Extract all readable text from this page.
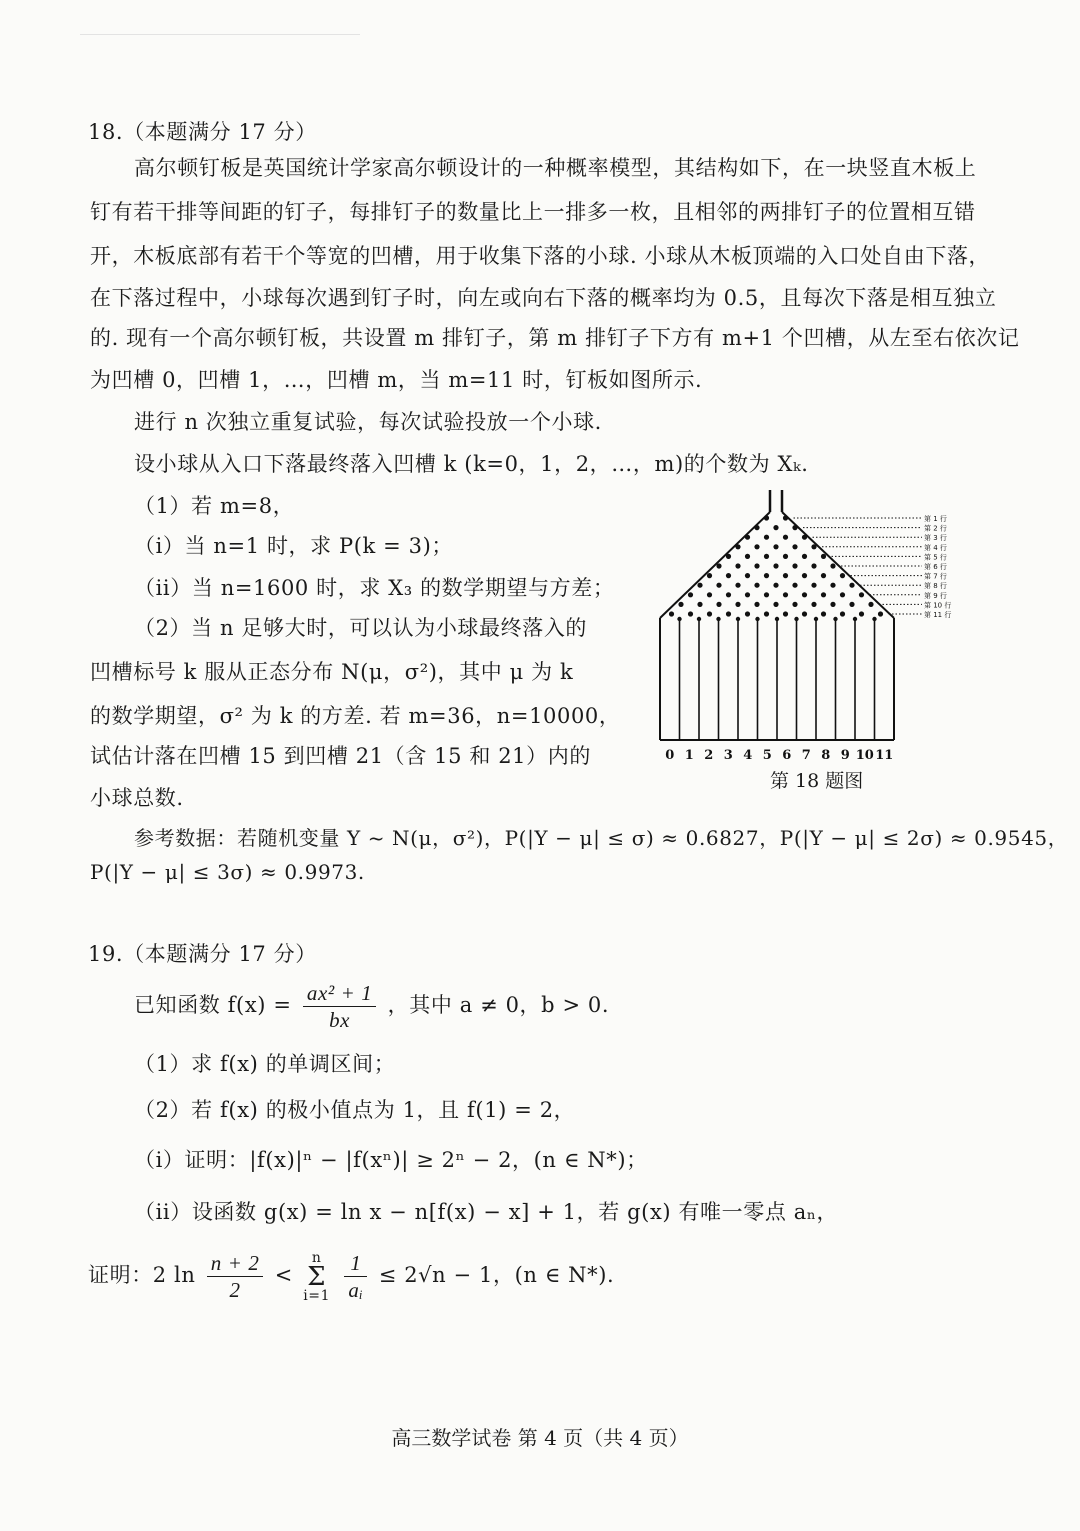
18.（本题满分 17 分）
高尔顿钉板是英国统计学家高尔顿设计的一种概率模型，其结构如下，在一块竖直木板上
钉有若干排等间距的钉子，每排钉子的数量比上一排多一枚，且相邻的两排钉子的位置相互错
开，木板底部有若干个等宽的凹槽，用于收集下落的小球. 小球从木板顶端的入口处自由下落，
在下落过程中，小球每次遇到钉子时，向左或向右下落的概率均为 0.5，且每次下落是相互独立
的. 现有一个高尔顿钉板，共设置 m 排钉子，第 m 排钉子下方有 m+1 个凹槽，从左至右依次记
为凹槽 0，凹槽 1，…，凹槽 m，当 m=11 时，钉板如图所示.
进行 n 次独立重复试验，每次试验投放一个小球.
设小球从入口下落最终落入凹槽 k (k=0，1，2，…，m)的个数为 Xₖ.
（1）若 m=8，
（i）当 n=1 时，求 P(k = 3)；
（ii）当 n=1600 时，求 X₃ 的数学期望与方差；
（2）当 n 足够大时，可以认为小球最终落入的
凹槽标号 k 服从正态分布 N(μ，σ²)，其中 μ 为 k
的数学期望，σ² 为 k 的方差. 若 m=36，n=10000，
试估计落在凹槽 15 到凹槽 21（含 15 和 21）内的
小球总数.
参考数据：若随机变量 Y ~ N(μ，σ²)，P(|Y − μ| ≤ σ) ≈ 0.6827，P(|Y − μ| ≤ 2σ) ≈ 0.9545，
P(|Y − μ| ≤ 3σ) ≈ 0.9973.
第 1 行
第 2 行
第 3 行
第 4 行
第 5 行
第 6 行
第 7 行
第 8 行
第 9 行
第 10 行
第 11 行
0 1 2 3 4 5 6 7 8 9 10 11
第 18 题图
19.（本题满分 17 分）
已知函数 $f(x) = \frac{\text{ax² + 1}}{bx}$ ，其中 a ≠ 0，b > 0.
（1）求 f(x) 的单调区间；
（2）若 f(x) 的极小值点为 1，且 f(1) = 2，
（i）证明：|f(x)|ⁿ − |f(xⁿ)| ≥ 2ⁿ − 2，(n ∈ N*)；
（ii）设函数 g(x) = ln x − n[f(x) − x] + 1，若 g(x) 有唯一零点 aₙ，
证明：2 $\ln \frac{n + 2}{2}$ <
n
Σ
i=1
$\frac{1}{\text{aᵢ}} \le 2√n - 1$，(n ∈ N*).
高三数学试卷 第 4 页（共 4 页）
